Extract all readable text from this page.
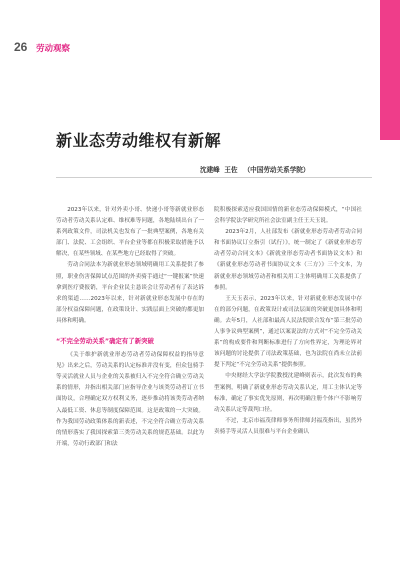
26 劳动观察
新业态劳动维权有新解
沈建峰 王佐 （中国劳动关系学院）

2023年以来，针对外卖小哥、快递小哥等新就业形态劳动者劳动关系认定难、维权难等问题，各地陆续出台了一系列政策文件，司法机关也发布了一批典型案例，各地有关部门、法院、工会组织、平台企业等都在积极采取措施予以解决，在某些领域、在某些地方已经取得了突破。

劳动合同法本为新就业形态领域明确用工关系提供了参照，职业伤害保障试点范围的外卖骑手通过“一键报案”快速拿到医疗费报销，平台企业民主恳谈会让劳动者有了表达诉求的渠道……2023年以来，针对新就业形态发展中存在的部分权益保障问题，在政策设计、实践层面上突破的都更加具体和明确。

“不完全劳动关系”确定有了新突破

《关于维护新就业形态劳动者劳动保障权益的指导意见》出来之后，劳动关系的认定标准并没有变，但众包骑手等灵活就业人员与企业的关系被归入不完全符合确立劳动关系的情形，并指出相关部门应指导企业与该类劳动者订立书面协议，合理确定双方权利义务，逐步推动将该类劳动者纳入最低工资、休息等制度保障范围。这是政策的一大突破。作为我国劳动政策体系的新表述，不完全符合确立劳动关系的情形落实了我国探索第三类劳动关系的规范基础。以此为开端，劳动行政部门和法

院积极探索适应我国国情的新业态劳动保障模式，“中国社会科学院法学研究所社会法室副主任王天玉说。

2023年2月，人社部发布《新就业形态劳动者劳动合同和书面协议订立指引（试行）》，统一制定了《新就业形态劳动者劳动合同文本》《新就业形态劳动者书面协议文本》和《新就业形态劳动者书面协议文本（三方）》三个文本，为新就业形态领域劳动者和相关用工主体明确用工关系提供了参照。

王天玉表示，2023年以来，针对新就业形态发展中存在的部分问题，在政策设计或司法层面的突破更加具体和明确。去年5月，人社部和最高人民法院联合发布“第三批劳动人事争议典型案例”，通过以案说法的方式对“不完全劳动关系”的构成要件和判断标准进行了方向性界定，为理论界对该问题的讨论提供了司法政策基础，也为法院在尚未立法前提下判定“不完全劳动关系”提供参照。

中央财经大学法学院教授沈建峰则表示，此次发布的典型案例，明确了新就业形态劳动关系认定，用工主体认定等标准，确定了事实优先原则，再次明确注册个体户不影响劳动关系认定等裁判口径。

不过，北京市福茂律师事务所律师封福茂指出，虽然外卖骑手等灵活人员很难与平台企业确认
